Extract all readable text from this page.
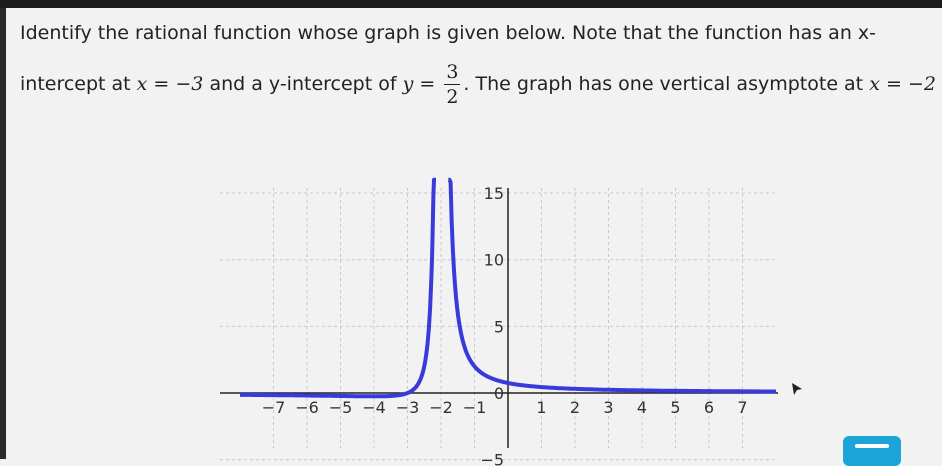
Identify the rational function whose graph is given below. Note that the function has an x-
intercept at x = −3 and a y-intercept of $y = \frac{3}{2}$ . The graph has one vertical asymptote at x = −2
−7 −6 −5 −4 −3 −2 −1	1 2 3 4 5 6 7
15
10
5
0
−5
